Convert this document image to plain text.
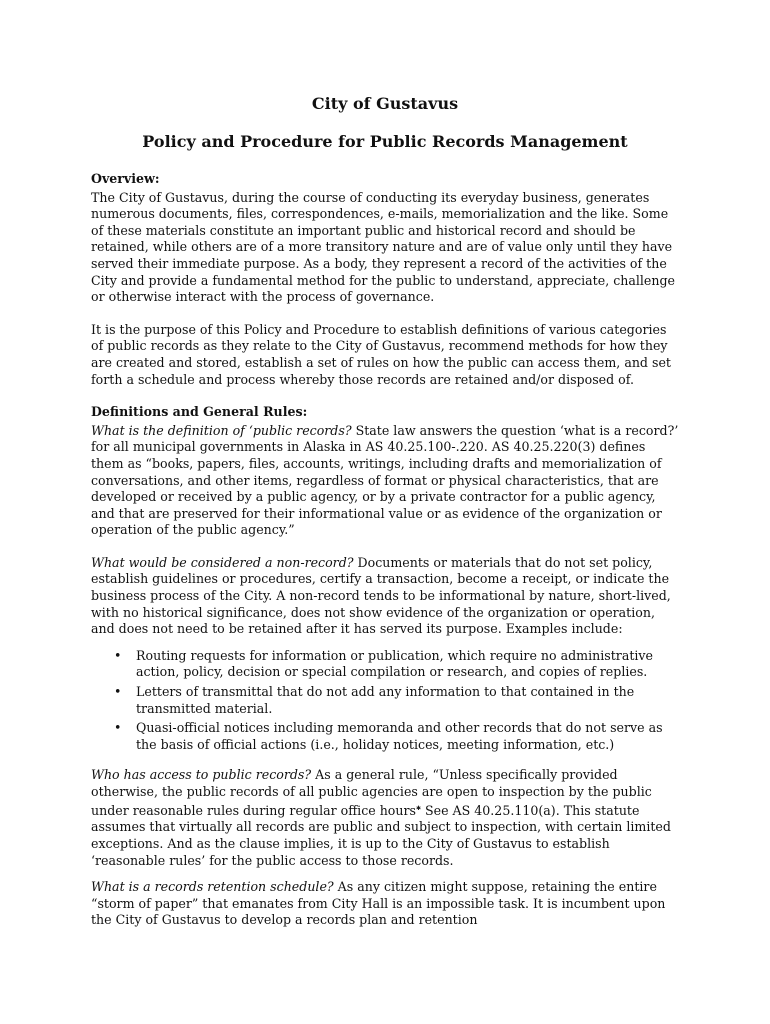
City of Gustavus
Policy and Procedure for Public Records Management
Overview:

The City of Gustavus, during the course of conducting its everyday business, generates numerous documents, files, correspondences, e-mails, memorialization and the like. Some of these materials constitute an important public and historical record and should be retained, while others are of a more transitory nature and are of value only until they have served their immediate purpose. As a body, they represent a record of the activities of the City and provide a fundamental method for the public to understand, appreciate, challenge or otherwise interact with the process of governance.

It is the purpose of this Policy and Procedure to establish definitions of various categories of public records as they relate to the City of Gustavus, recommend methods for how they are created and stored, establish a set of rules on how the public can access them, and set forth a schedule and process whereby those records are retained and/or disposed of.

Definitions and General Rules:

What is the definition of ‘public records? State law answers the question ‘what is a record?’ for all municipal governments in Alaska in AS 40.25.100-.220. AS 40.25.220(3) defines them as “books, papers, files, accounts, writings, including drafts and memorialization of conversations, and other items, regardless of format or physical characteristics, that are developed or received by a public agency, or by a private contractor for a public agency, and that are preserved for their informational value or as evidence of the organization or operation of the public agency.”

What would be considered a non-record? Documents or materials that do not set policy, establish guidelines or procedures, certify a transaction, become a receipt, or indicate the business process of the City. A non-record tends to be informational by nature, short-lived, with no historical significance, does not show evidence of the organization or operation, and does not need to be retained after it has served its purpose. Examples include:

• Routing requests for information or publication, which require no administrative action, policy, decision or special compilation or research, and copies of replies.
• Letters of transmittal that do not add any information to that contained in the transmitted material.
• Quasi-official notices including memoranda and other records that do not serve as the basis of official actions (i.e., holiday notices, meeting information, etc.)

Who has access to public records? As a general rule, “Unless specifically provided otherwise, the public records of all public agencies are open to inspection by the public under reasonable rules during regular office hours✱ See AS 40.25.110(a). This statute assumes that virtually all records are public and subject to inspection, with certain limited exceptions. And as the clause implies, it is up to the City of Gustavus to establish ‘reasonable rules’ for the public access to those records.

What is a records retention schedule? As any citizen might suppose, retaining the entire “storm of paper” that emanates from City Hall is an impossible task. It is incumbent upon the City of Gustavus to develop a records plan and retention
